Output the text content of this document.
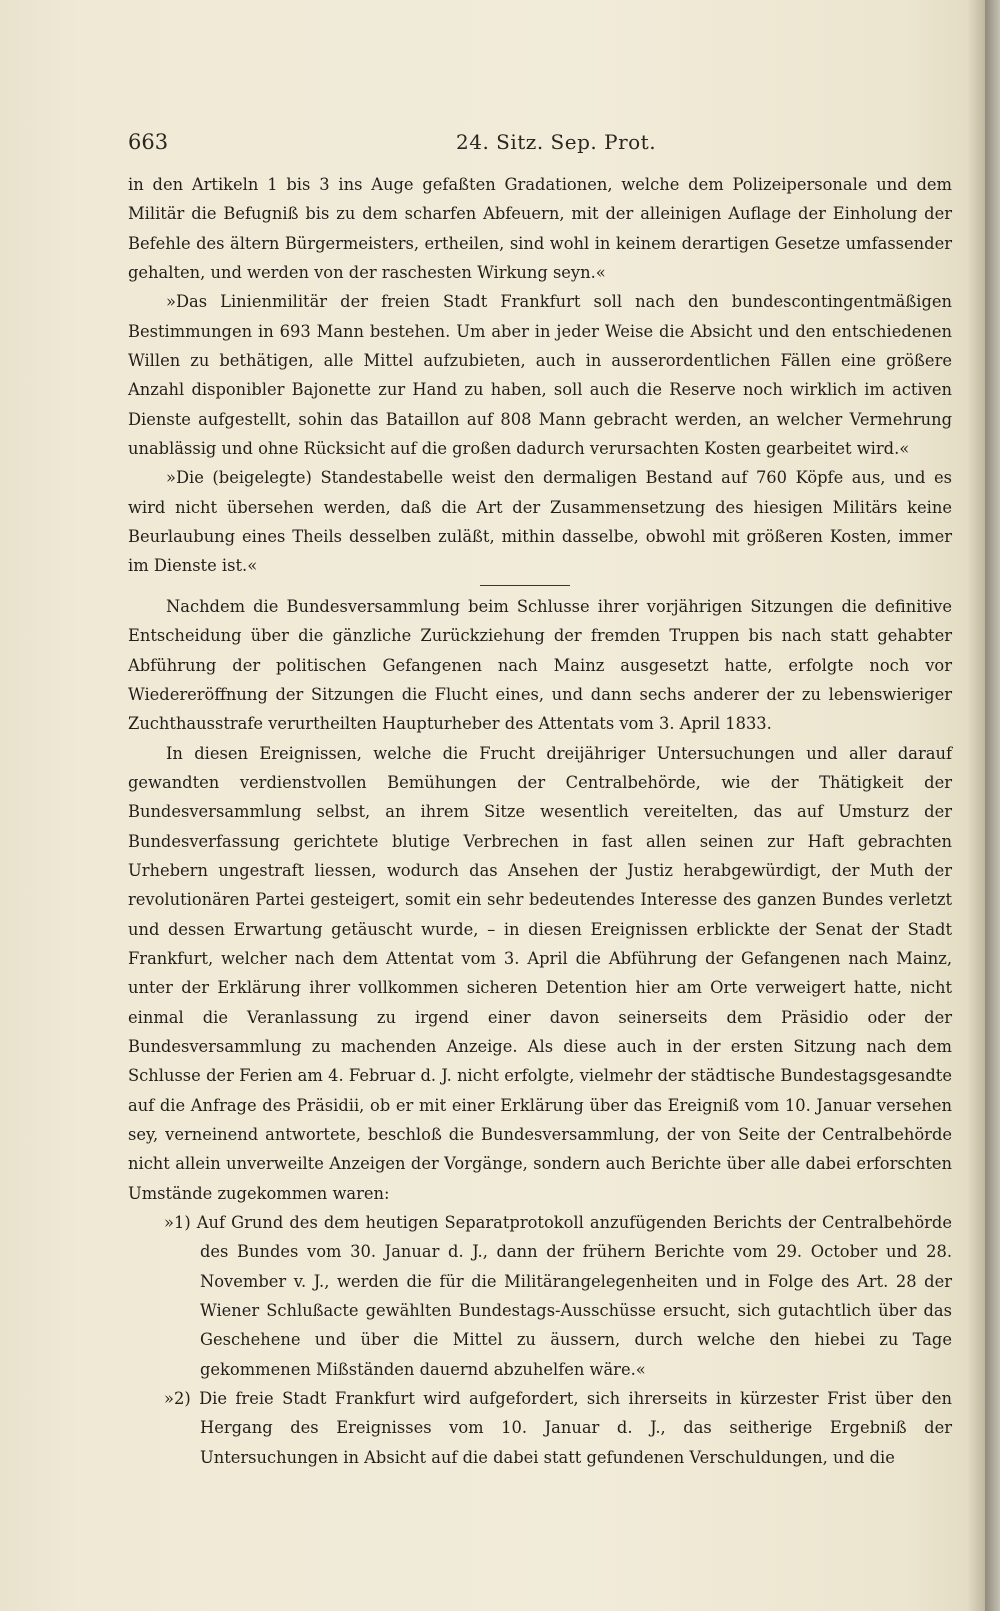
663	24. Sitz. Sep. Prot.

in den Artikeln 1 bis 3 ins Auge gefaßten Gradationen, welche dem Polizeipersonale und dem Militär die Befugniß bis zu dem scharfen Abfeuern, mit der alleinigen Auflage der Einholung der Befehle des ältern Bürgermeisters, ertheilen, sind wohl in keinem derartigen Gesetze umfassender gehalten, und werden von der raschesten Wirkung seyn.«

»Das Linienmilitär der freien Stadt Frankfurt soll nach den bundescontingentmäßigen Bestimmungen in 693 Mann bestehen. Um aber in jeder Weise die Absicht und den entschiedenen Willen zu bethätigen, alle Mittel aufzubieten, auch in ausserordentlichen Fällen eine größere Anzahl disponibler Bajonette zur Hand zu haben, soll auch die Reserve noch wirklich im activen Dienste aufgestellt, sohin das Bataillon auf 808 Mann gebracht werden, an welcher Vermehrung unablässig und ohne Rücksicht auf die großen dadurch verursachten Kosten gearbeitet wird.«

»Die (beigelegte) Standestabelle weist den dermaligen Bestand auf 760 Köpfe aus, und es wird nicht übersehen werden, daß die Art der Zusammensetzung des hiesigen Militärs keine Beurlaubung eines Theils desselben zuläßt, mithin dasselbe, obwohl mit größeren Kosten, immer im Dienste ist.«

Nachdem die Bundesversammlung beim Schlusse ihrer vorjährigen Sitzungen die definitive Entscheidung über die gänzliche Zurückziehung der fremden Truppen bis nach statt gehabter Abführung der politischen Gefangenen nach Mainz ausgesetzt hatte, erfolgte noch vor Wiedereröffnung der Sitzungen die Flucht eines, und dann sechs anderer der zu lebenswieriger Zuchthausstrafe verurtheilten Haupturheber des Attentats vom 3. April 1833.

In diesen Ereignissen, welche die Frucht dreijähriger Untersuchungen und aller darauf gewandten verdienstvollen Bemühungen der Centralbehörde, wie der Thätigkeit der Bundesversammlung selbst, an ihrem Sitze wesentlich vereitelten, das auf Umsturz der Bundesverfassung gerichtete blutige Verbrechen in fast allen seinen zur Haft gebrachten Urhebern ungestraft liessen, wodurch das Ansehen der Justiz herabgewürdigt, der Muth der revolutionären Partei gesteigert, somit ein sehr bedeutendes Interesse des ganzen Bundes verletzt und dessen Erwartung getäuscht wurde, – in diesen Ereignissen erblickte der Senat der Stadt Frankfurt, welcher nach dem Attentat vom 3. April die Abführung der Gefangenen nach Mainz, unter der Erklärung ihrer vollkommen sicheren Detention hier am Orte verweigert hatte, nicht einmal die Veranlassung zu irgend einer davon seinerseits dem Präsidio oder der Bundesversammlung zu machenden Anzeige. Als diese auch in der ersten Sitzung nach dem Schlusse der Ferien am 4. Februar d. J. nicht erfolgte, vielmehr der städtische Bundestagsgesandte auf die Anfrage des Präsidii, ob er mit einer Erklärung über das Ereigniß vom 10. Januar versehen sey, verneinend antwortete, beschloß die Bundesversammlung, der von Seite der Centralbehörde nicht allein unverweilte Anzeigen der Vorgänge, sondern auch Berichte über alle dabei erforschten Umstände zugekommen waren:

»1) Auf Grund des dem heutigen Separatprotokoll anzufügenden Berichts der Centralbehörde des Bundes vom 30. Januar d. J., dann der frühern Berichte vom 29. October und 28. November v. J., werden die für die Militärangelegenheiten und in Folge des Art. 28 der Wiener Schlußacte gewählten Bundestags-Ausschüsse ersucht, sich gutachtlich über das Geschehene und über die Mittel zu äussern, durch welche den hiebei zu Tage gekommenen Mißständen dauernd abzuhelfen wäre.«

»2) Die freie Stadt Frankfurt wird aufgefordert, sich ihrerseits in kürzester Frist über den Hergang des Ereignisses vom 10. Januar d. J., das seitherige Ergebniß der Untersuchungen in Absicht auf die dabei statt gefundenen Verschuldungen, und die
